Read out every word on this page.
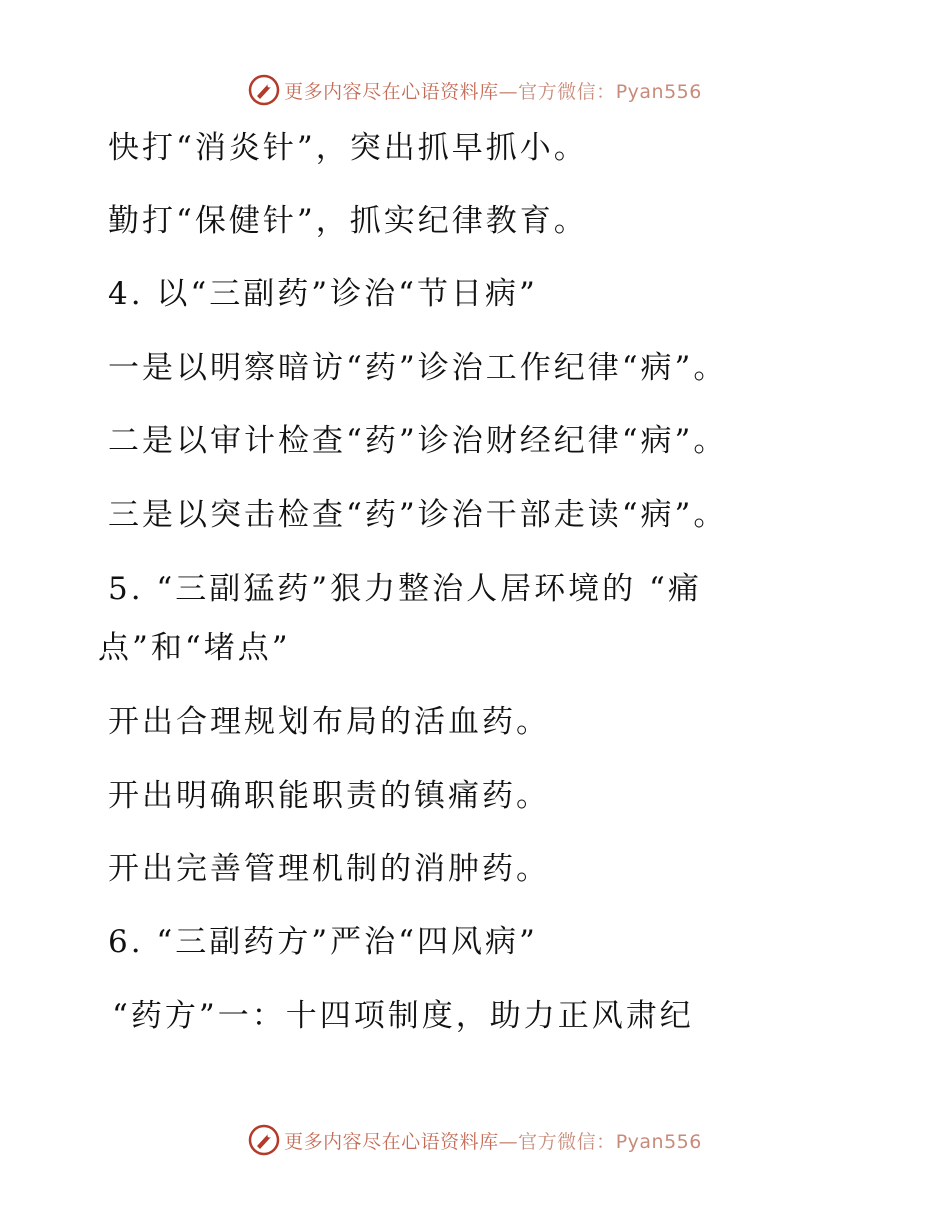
更多内容尽在心语资料库—官方微信：Pyan556
快打“消炎针”，突出抓早抓小。
勤打“保健针”，抓实纪律教育。
4. 以“三副药”诊治“节日病”
一是以明察暗访“药”诊治工作纪律“病”。
二是以审计检查“药”诊治财经纪律“病”。
三是以突击检查“药”诊治干部走读“病”。
5. “三副猛药”狠力整治人居环境的 “痛
点”和“堵点”
开出合理规划布局的活血药。
开出明确职能职责的镇痛药。
开出完善管理机制的消肿药。
6. “三副药方”严治“四风病”
“药方”一：十四项制度，助力正风肃纪
更多内容尽在心语资料库—官方微信：Pyan556
